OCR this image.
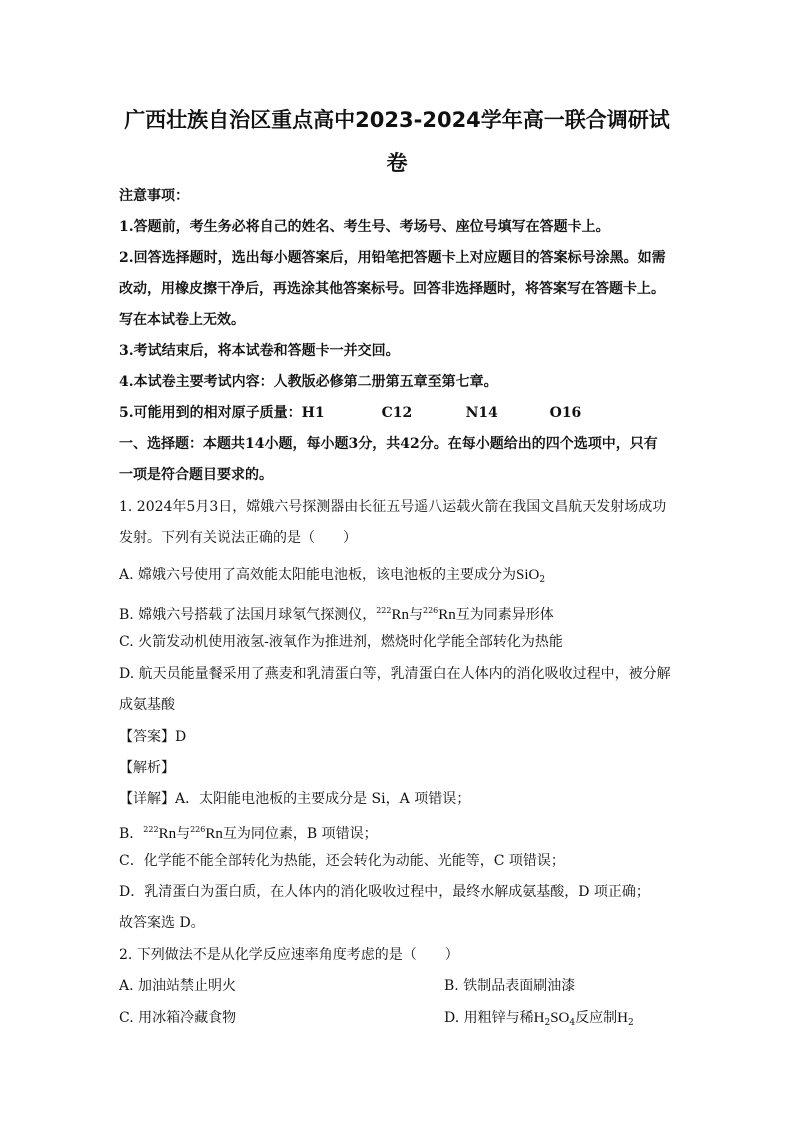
广西壮族自治区重点高中2023-2024学年高一联合调研试
卷
注意事项：
1.答题前，考生务必将自己的姓名、考生号、考场号、座位号填写在答题卡上。
2.回答选择题时，选出每小题答案后，用铅笔把答题卡上对应题目的答案标号涂黑。如需
改动，用橡皮擦干净后，再选涂其他答案标号。回答非选择题时，将答案写在答题卡上。
写在本试卷上无效。
3.考试结束后，将本试卷和答题卡一并交回。
4.本试卷主要考试内容：人教版必修第二册第五章至第七章。
5.可能用到的相对原子质量：H1	C12	N14	O16
一、选择题：本题共14小题，每小题3分，共42分。在每小题给出的四个选项中，只有
一项是符合题目要求的。
1. 2024年5月3日，嫦娥六号探测器由长征五号遥八运载火箭在我国文昌航天发射场成功
发射。下列有关说法正确的是（　　）
A. 嫦娥六号使用了高效能太阳能电池板，该电池板的主要成分为SiO$_2$
B. 嫦娥六号搭载了法国月球氡气探测仪，$^{222}$Rn与$^{226}$Rn互为同素异形体
C. 火箭发动机使用液氢-液氧作为推进剂，燃烧时化学能全部转化为热能
D. 航天员能量餐采用了燕麦和乳清蛋白等，乳清蛋白在人体内的消化吸收过程中，被分解
成氨基酸
【答案】D
【解析】
【详解】A．太阳能电池板的主要成分是 Si，A 项错误；
B．$^{222}$Rn与$^{226}$Rn互为同位素，B 项错误；
C．化学能不能全部转化为热能，还会转化为动能、光能等，C 项错误；
D．乳清蛋白为蛋白质，在人体内的消化吸收过程中，最终水解成氨基酸，D 项正确；
故答案选 D。
2. 下列做法不是从化学反应速率角度考虑的是（　　）
A. 加油站禁止明火	B. 铁制品表面刷油漆
C. 用冰箱冷藏食物	D. 用粗锌与稀$H_2SO_4$反应制$H_2$
